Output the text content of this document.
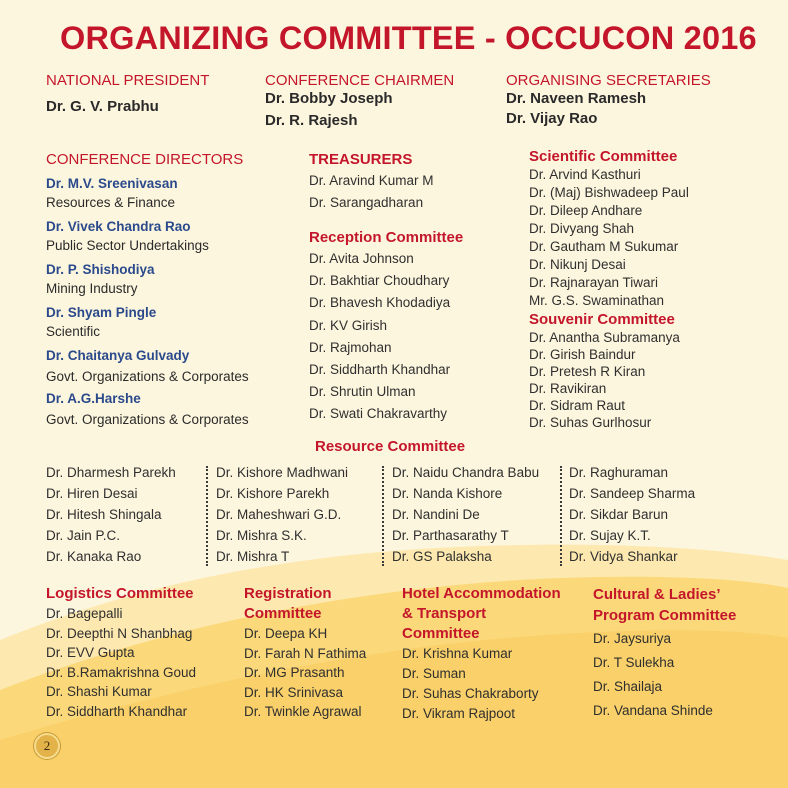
ORGANIZING COMMITTEE - OCCUCON 2016
NATIONAL PRESIDENT
Dr. G. V. Prabhu
CONFERENCE CHAIRMEN
Dr. Bobby Joseph
Dr. R. Rajesh
ORGANISING SECRETARIES
Dr. Naveen Ramesh
Dr. Vijay Rao
CONFERENCE DIRECTORS
Dr. M.V. Sreenivasan
Resources & Finance
Dr. Vivek Chandra Rao
Public Sector Undertakings
Dr. P. Shishodiya
Mining Industry
Dr. Shyam Pingle
Scientific
Dr. Chaitanya Gulvady
Govt. Organizations & Corporates
Dr. A.G.Harshe
Govt. Organizations & Corporates
TREASURERS
Dr. Aravind Kumar M
Dr. Sarangadharan
Reception Committee
Dr. Avita Johnson
Dr. Bakhtiar Choudhary
Dr. Bhavesh Khodadiya
Dr. KV Girish
Dr. Rajmohan
Dr. Siddharth Khandhar
Dr. Shrutin Ulman
Dr. Swati Chakravarthy
Scientific Committee
Dr. Arvind Kasthuri
Dr. (Maj) Bishwadeep Paul
Dr. Dileep Andhare
Dr. Divyang Shah
Dr. Gautham M Sukumar
Dr. Nikunj Desai
Dr. Rajnarayan Tiwari
Mr. G.S. Swaminathan
Souvenir Committee
Dr. Anantha Subramanya
Dr. Girish Baindur
Dr. Pretesh R Kiran
Dr. Ravikiran
Dr. Sidram Raut
Dr. Suhas Gurlhosur
Resource Committee
Dr. Dharmesh Parekh
Dr. Hiren Desai
Dr. Hitesh Shingala
Dr. Jain P.C.
Dr. Kanaka Rao
Dr. Kishore Madhwani
Dr. Kishore Parekh
Dr. Maheshwari G.D.
Dr. Mishra S.K.
Dr. Mishra T
Dr. Naidu Chandra Babu
Dr. Nanda Kishore
Dr. Nandini De
Dr. Parthasarathy T
Dr. GS Palaksha
Dr. Raghuraman
Dr. Sandeep Sharma
Dr. Sikdar Barun
Dr. Sujay K.T.
Dr. Vidya Shankar
Logistics Committee
Dr. Bagepalli
Dr. Deepthi N Shanbhag
Dr. EVV Gupta
Dr. B.Ramakrishna Goud
Dr. Shashi Kumar
Dr. Siddharth Khandhar
Registration
Committee
Dr. Deepa KH
Dr. Farah N Fathima
Dr. MG Prasanth
Dr. HK Srinivasa
Dr. Twinkle Agrawal
Hotel Accommodation
& Transport
Committee
Dr. Krishna Kumar
Dr. Suman
Dr. Suhas Chakraborty
Dr. Vikram Rajpoot
Cultural & Ladies’
Program Committee
Dr. Jaysuriya
Dr. T Sulekha
Dr. Shailaja
Dr. Vandana Shinde
2
